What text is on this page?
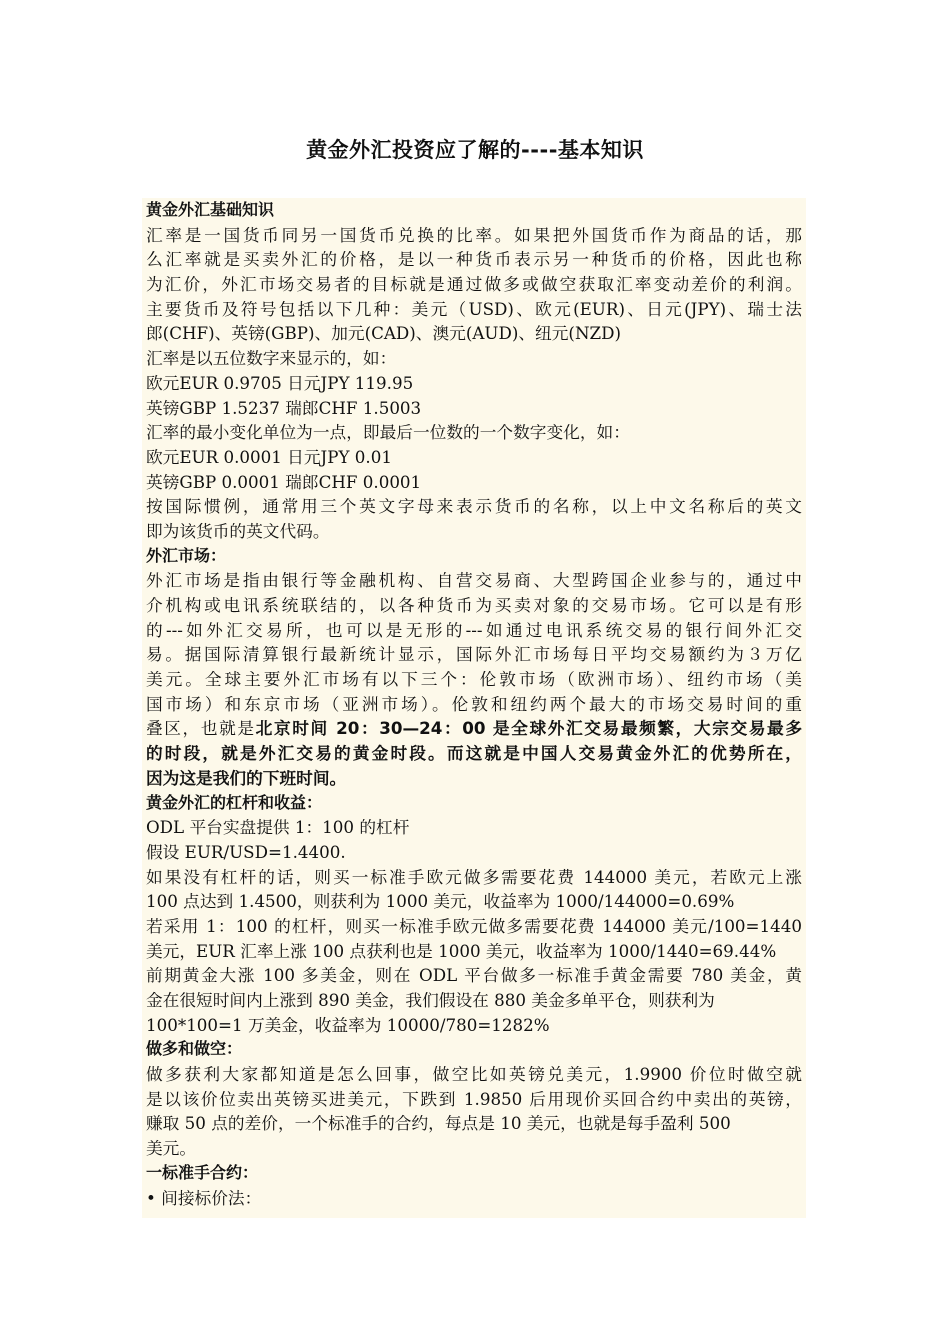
黄金外汇投资应了解的----基本知识
黄金外汇基础知识
汇率是一国货币同另一国货币兑换的比率。如果把外国货币作为商品的话，那
么汇率就是买卖外汇的价格，是以一种货币表示另一种货币的价格，因此也称
为汇价，外汇市场交易者的目标就是通过做多或做空获取汇率变动差价的利润。
主要货币及符号包括以下几种：美元（USD)、欧元(EUR)、日元(JPY)、瑞士法
郎(CHF)、英镑(GBP)、加元(CAD)、澳元(AUD)、纽元(NZD)
汇率是以五位数字来显示的，如：
欧元EUR 0.9705 日元JPY 119.95
英镑GBP 1.5237 瑞郎CHF 1.5003
汇率的最小变化单位为一点，即最后一位数的一个数字变化，如：
欧元EUR 0.0001 日元JPY 0.01
英镑GBP 0.0001 瑞郎CHF 0.0001
按国际惯例，通常用三个英文字母来表示货币的名称，以上中文名称后的英文
即为该货币的英文代码。
外汇市场：
外汇市场是指由银行等金融机构、自营交易商、大型跨国企业参与的，通过中
介机构或电讯系统联结的，以各种货币为买卖对象的交易市场。它可以是有形
的---如外汇交易所，也可以是无形的---如通过电讯系统交易的银行间外汇交
易。据国际清算银行最新统计显示，国际外汇市场每日平均交易额约为３万亿
美元。全球主要外汇市场有以下三个：伦敦市场（欧洲市场）、纽约市场（美
国市场）和东京市场（亚洲市场）。伦敦和纽约两个最大的市场交易时间的重
叠区，也就是北京时间 20：30—24：00 是全球外汇交易最频繁，大宗交易最多
的时段，就是外汇交易的黄金时段。而这就是中国人交易黄金外汇的优势所在，
因为这是我们的下班时间。
黄金外汇的杠杆和收益：
ODL 平台实盘提供 1：100 的杠杆
假设 EUR/USD=1.4400.
如果没有杠杆的话，则买一标准手欧元做多需要花费 144000 美元，若欧元上涨
100 点达到 1.4500，则获利为 1000 美元，收益率为 1000/144000=0.69%
若采用 1：100 的杠杆，则买一标准手欧元做多需要花费 144000 美元/100=1440
美元，EUR 汇率上涨 100 点获利也是 1000 美元，收益率为 1000/1440=69.44%
前期黄金大涨 100 多美金，则在 ODL 平台做多一标准手黄金需要 780 美金，黄
金在很短时间内上涨到 890 美金，我们假设在 880 美金多单平仓，则获利为
100*100=1 万美金，收益率为 10000/780=1282%
做多和做空：
做多获利大家都知道是怎么回事，做空比如英镑兑美元，1.9900 价位时做空就
是以该价位卖出英镑买进美元，下跌到 1.9850 后用现价买回合约中卖出的英镑，
赚取 50 点的差价，一个标准手的合约，每点是 10 美元，也就是每手盈利 500
美元。
一标准手合约：
• 间接标价法：
